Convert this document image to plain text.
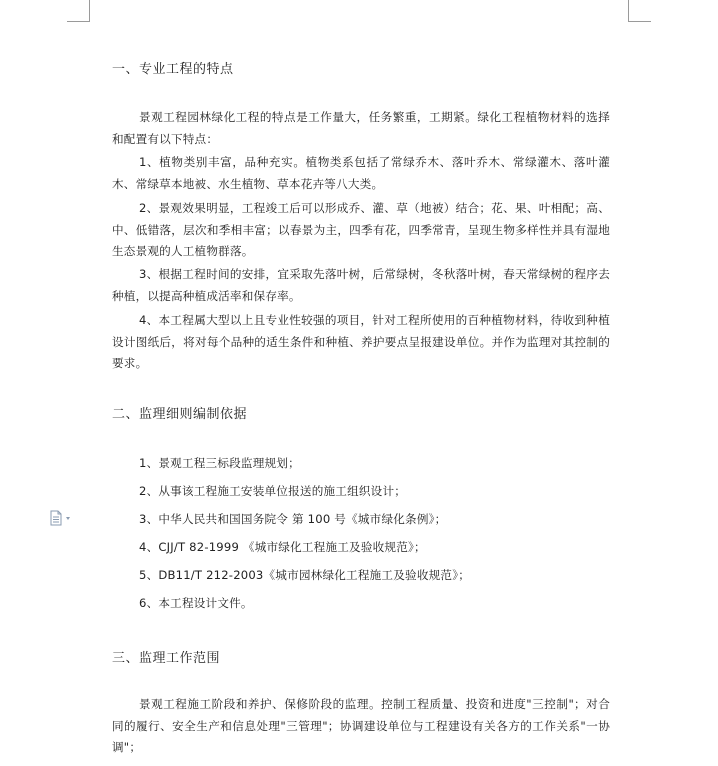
一、专业工程的特点

景观工程园林绿化工程的特点是工作量大，任务繁重，工期紧。绿化工程植物材料的选择和配置有以下特点：

1、植物类别丰富，品种充实。植物类系包括了常绿乔木、落叶乔木、常绿灌木、落叶灌木、常绿草本地被、水生植物、草本花卉等八大类。

2、景观效果明显，工程竣工后可以形成乔、灌、草（地被）结合；花、果、叶相配；高、中、低错落，层次和季相丰富；以春景为主，四季有花，四季常青，呈现生物多样性并具有湿地生态景观的人工植物群落。

3、根据工程时间的安排，宜采取先落叶树，后常绿树，冬秋落叶树，春天常绿树的程序去种植，以提高种植成活率和保存率。

4、本工程属大型以上且专业性较强的项目，针对工程所使用的百种植物材料，待收到种植设计图纸后，将对每个品种的适生条件和种植、养护要点呈报建设单位。并作为监理对其控制的要求。

二、监理细则编制依据

1、景观工程三标段监理规划；

2、从事该工程施工安装单位报送的施工组织设计；

3、中华人民共和国国务院令 第 100 号《城市绿化条例》；

4、CJJ/T 82-1999 《城市绿化工程施工及验收规范》；

5、DB11/T 212-2003《城市园林绿化工程施工及验收规范》；

6、本工程设计文件。

三、监理工作范围

景观工程施工阶段和养护、保修阶段的监理。控制工程质量、投资和进度"三控制"；对合同的履行、安全生产和信息处理"三管理"；协调建设单位与工程建设有关各方的工作关系"一协调"；
